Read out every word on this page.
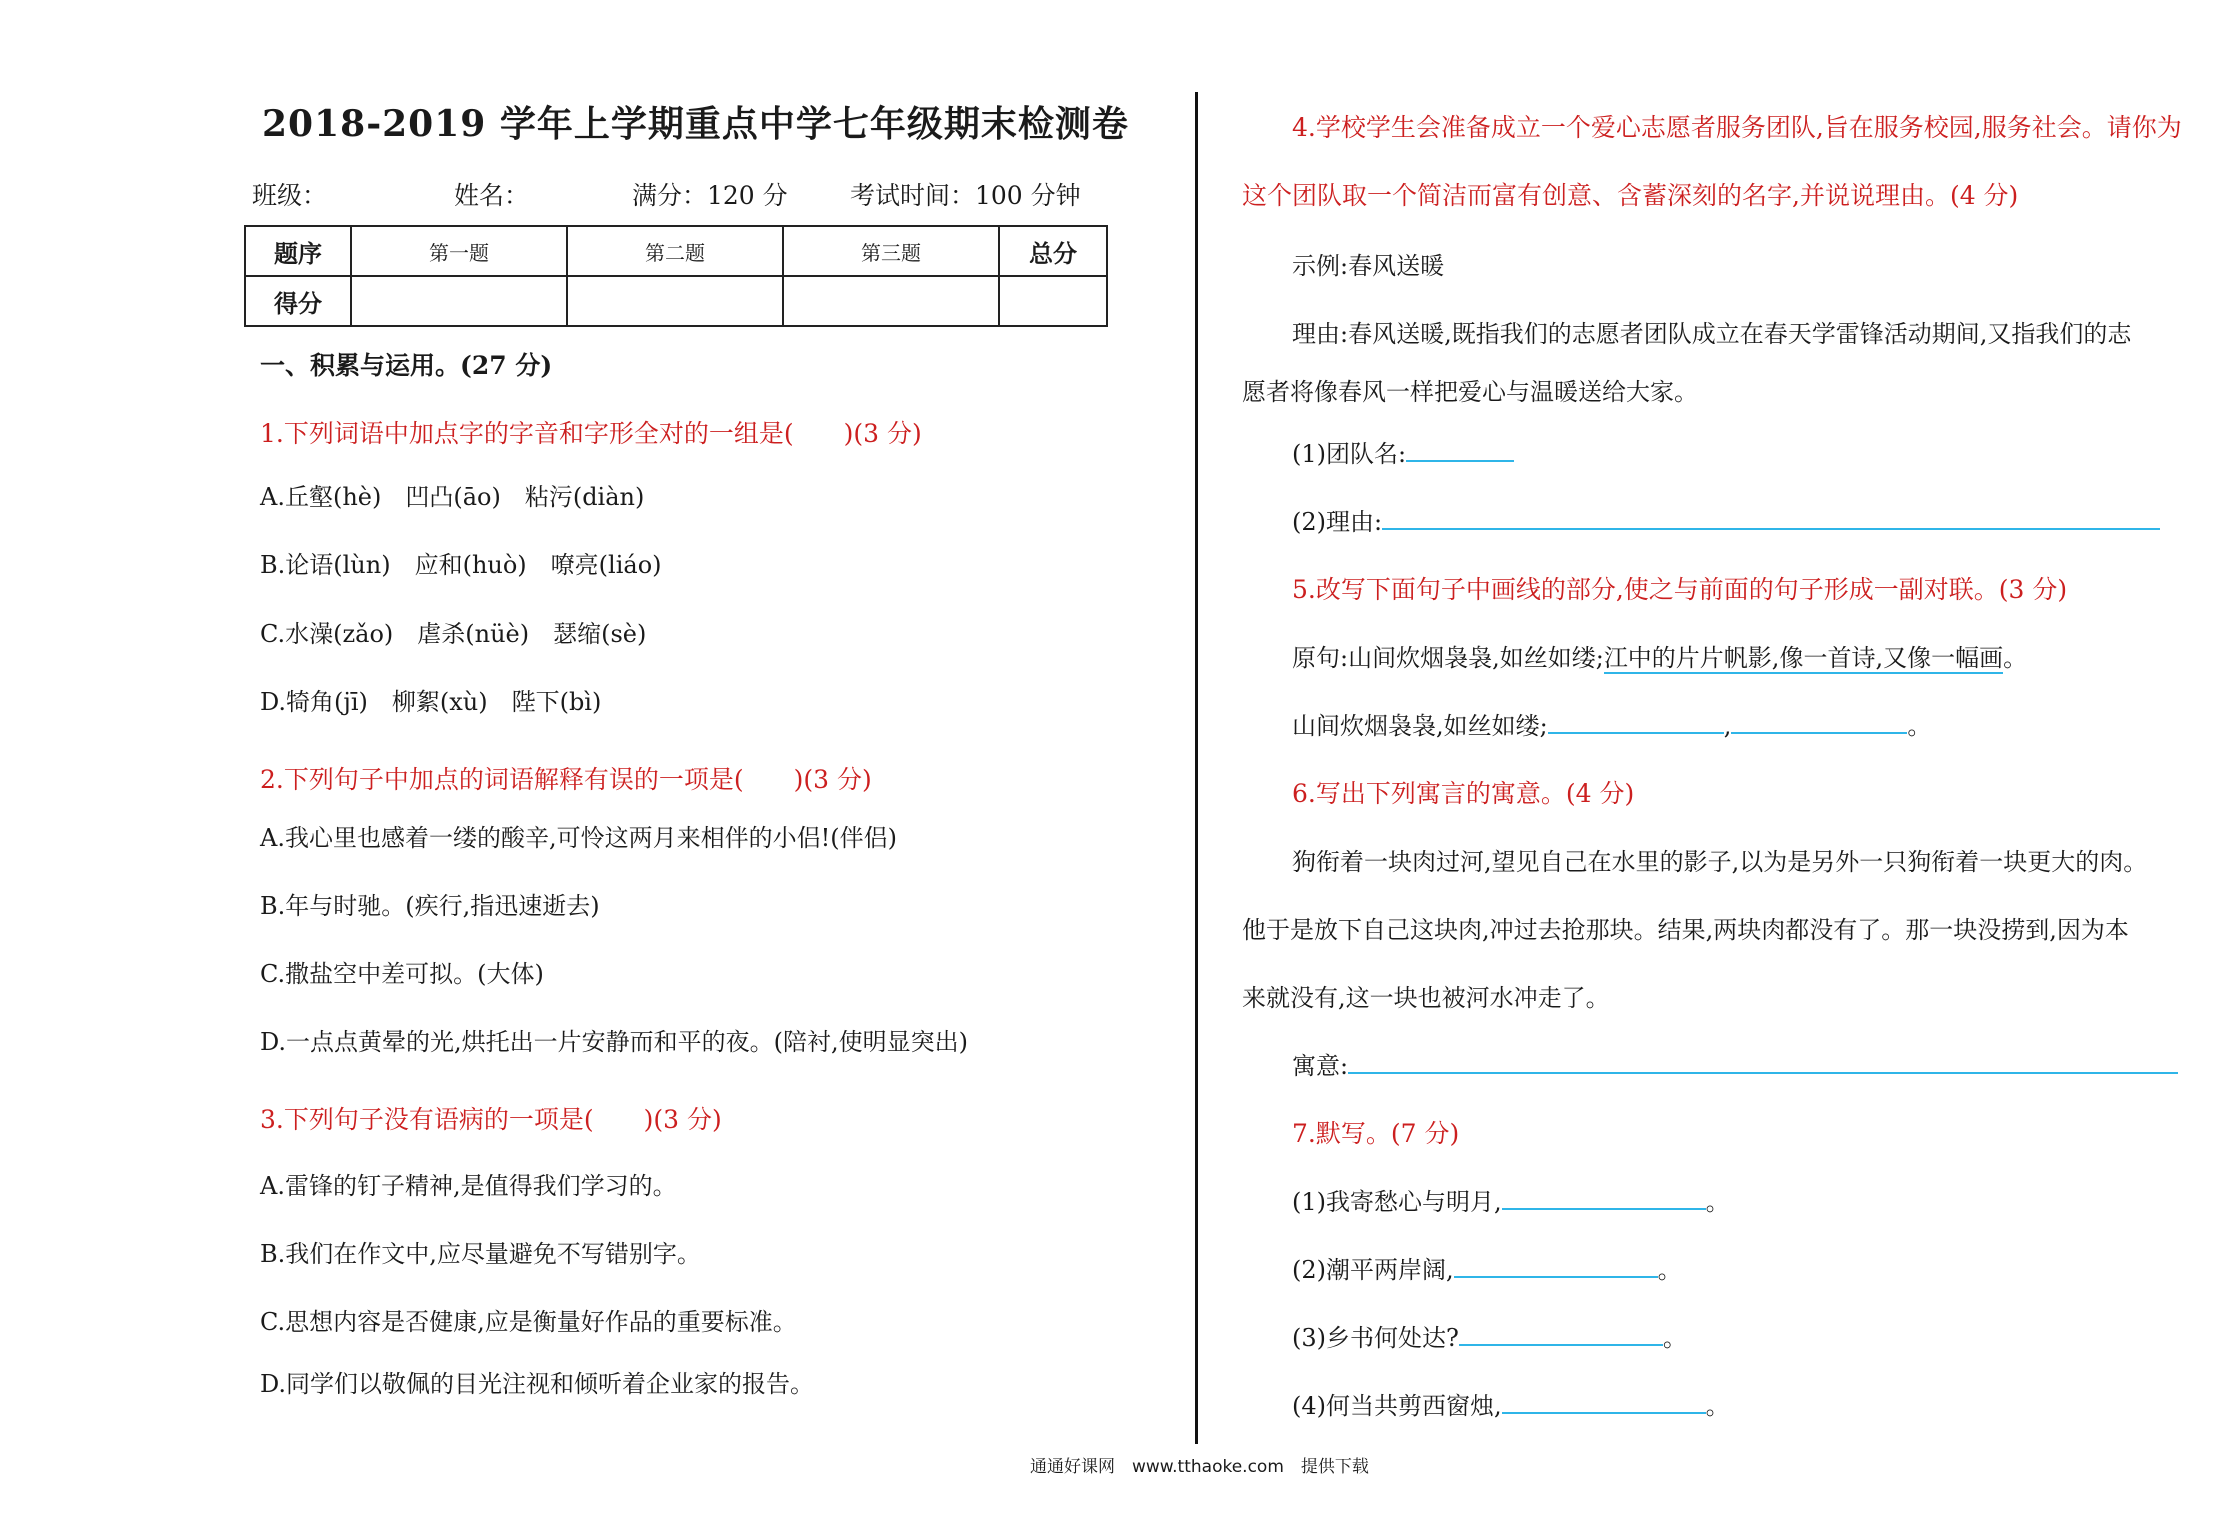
2018-2019 学年上学期重点中学七年级期末检测卷
班级：	姓名：	满分：120 分 考试时间：100 分钟
题序	第一题	第二题	第三题	总分
得分				
一、积累与运用。(27 分)
1.下列词语中加点字的字音和字形全对的一组是(　　)(3 分)
A.丘壑(hè)　凹凸(āo)　粘污(diàn)
B.论语(lùn)　应和(huò)　嘹亮(liáo)
C.水澡(zǎo)　虐杀(nüè)　瑟缩(sè)
D.犄角(jī)　柳絮(xù)　陛下(bì)
2.下列句子中加点的词语解释有误的一项是(　　)(3 分)
A.我心里也感着一缕的酸辛,可怜这两月来相伴的小侣!(伴侣)
B.年与时驰。(疾行,指迅速逝去)
C.撒盐空中差可拟。(大体)
D.一点点黄晕的光,烘托出一片安静而和平的夜。(陪衬,使明显突出)
3.下列句子没有语病的一项是(　　)(3 分)
A.雷锋的钉子精神,是值得我们学习的。
B.我们在作文中,应尽量避免不写错别字。
C.思想内容是否健康,应是衡量好作品的重要标准。
D.同学们以敬佩的目光注视和倾听着企业家的报告。
4.学校学生会准备成立一个爱心志愿者服务团队,旨在服务校园,服务社会。请你为
这个团队取一个简洁而富有创意、含蓄深刻的名字,并说说理由。(4 分)
示例:春风送暖
理由:春风送暖,既指我们的志愿者团队成立在春天学雷锋活动期间,又指我们的志
愿者将像春风一样把爱心与温暖送给大家。
(1)团队名:
(2)理由:
5.改写下面句子中画线的部分,使之与前面的句子形成一副对联。(3 分)
原句:山间炊烟袅袅,如丝如缕;江中的片片帆影,像一首诗,又像一幅画。
山间炊烟袅袅,如丝如缕;	,	。
6.写出下列寓言的寓意。(4 分)
狗衔着一块肉过河,望见自己在水里的影子,以为是另外一只狗衔着一块更大的肉。
他于是放下自己这块肉,冲过去抢那块。结果,两块肉都没有了。那一块没捞到,因为本
来就没有,这一块也被河水冲走了。
寓意:
7.默写。(7 分)
(1)我寄愁心与明月,	。
(2)潮平两岸阔,	。
(3)乡书何处达?	。
(4)何当共剪西窗烛,	。
通通好课网　www.tthaoke.com　提供下载
